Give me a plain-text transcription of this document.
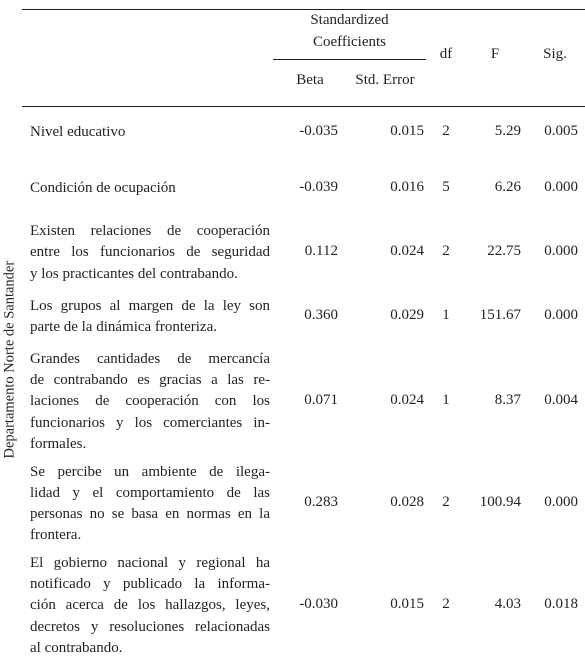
Departamento Norte de Santander
Standardized
Coefficients
Beta	Std. Error
df	F	Sig.
Nivel educativo	-0.035	0.015	2	5.29	0.005
Condición de ocupación	-0.039	0.016	5	6.26	0.000
Existen relaciones de cooperación
entre los funcionarios de seguridad
y los practicantes del contrabando.
0.112	0.024	2	22.75	0.000
Los grupos al margen de la ley son
parte de la dinámica fronteriza.
0.360	0.029	1	151.67	0.000
Grandes cantidades de mercancía
de contrabando es gracias a las re-
laciones de cooperación con los
funcionarios y los comerciantes in-
formales.
0.071	0.024	1	8.37	0.004
Se percibe un ambiente de ilega-
lidad y el comportamiento de las
personas no se basa en normas en la
frontera.
0.283	0.028	2	100.94	0.000
El gobierno nacional y regional ha
notificado y publicado la informa-
ción acerca de los hallazgos, leyes,
decretos y resoluciones relacionadas
al contrabando.
-0.030	0.015	2	4.03	0.018
